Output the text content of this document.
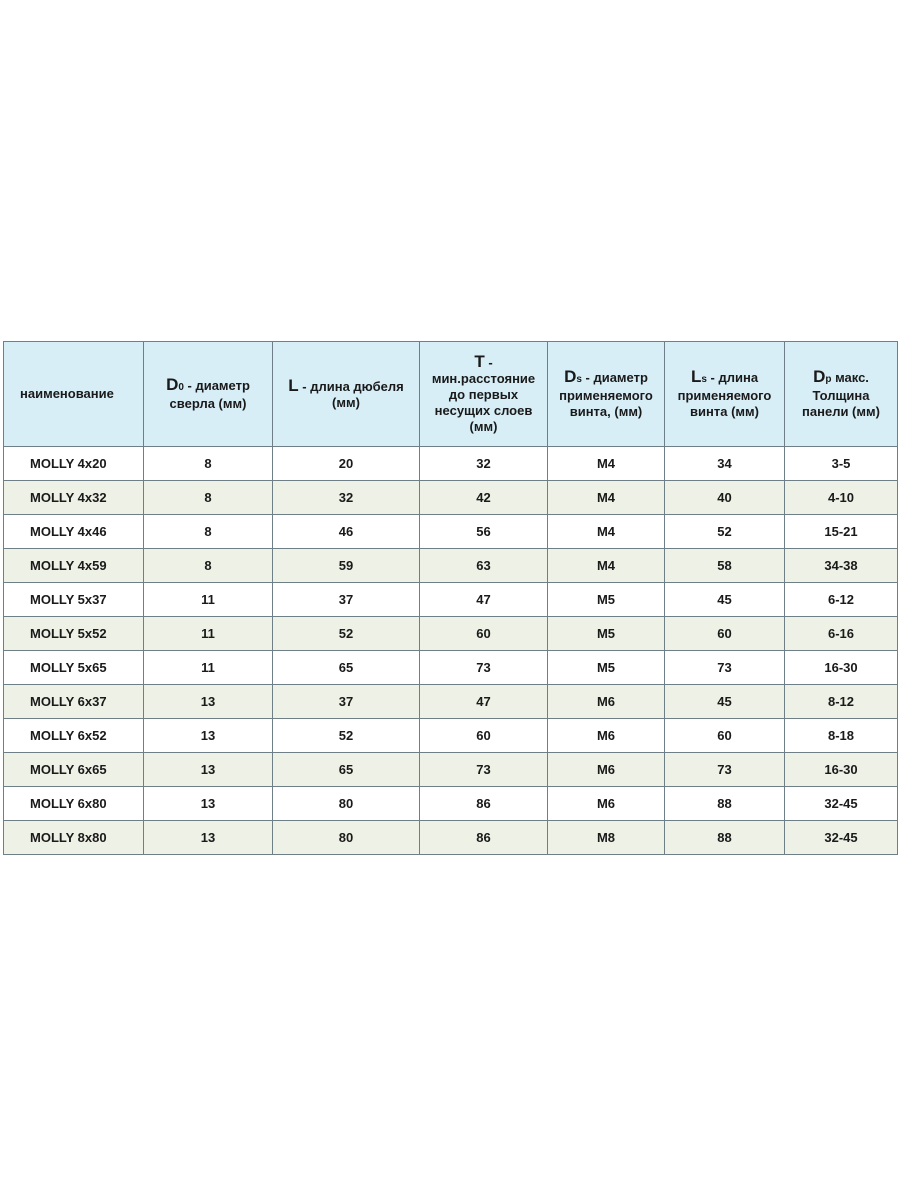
наименование	D0 - диаметр сверла (мм)	L - длина дюбеля (мм)	T - мин.расстояние до первых несущих слоев (мм)	Ds - диаметр применяемого винта, (мм)	Ls - длина применяемого винта (мм)	Dp макс. Толщина панели (мм)
MOLLY 4x20	8	20	32	M4	34	3-5
MOLLY 4x32	8	32	42	M4	40	4-10
MOLLY 4x46	8	46	56	M4	52	15-21
MOLLY 4x59	8	59	63	M4	58	34-38
MOLLY 5x37	11	37	47	M5	45	6-12
MOLLY 5x52	11	52	60	M5	60	6-16
MOLLY 5x65	11	65	73	M5	73	16-30
MOLLY 6x37	13	37	47	M6	45	8-12
MOLLY 6x52	13	52	60	M6	60	8-18
MOLLY 6x65	13	65	73	M6	73	16-30
MOLLY 6x80	13	80	86	M6	88	32-45
MOLLY 8x80	13	80	86	M8	88	32-45
